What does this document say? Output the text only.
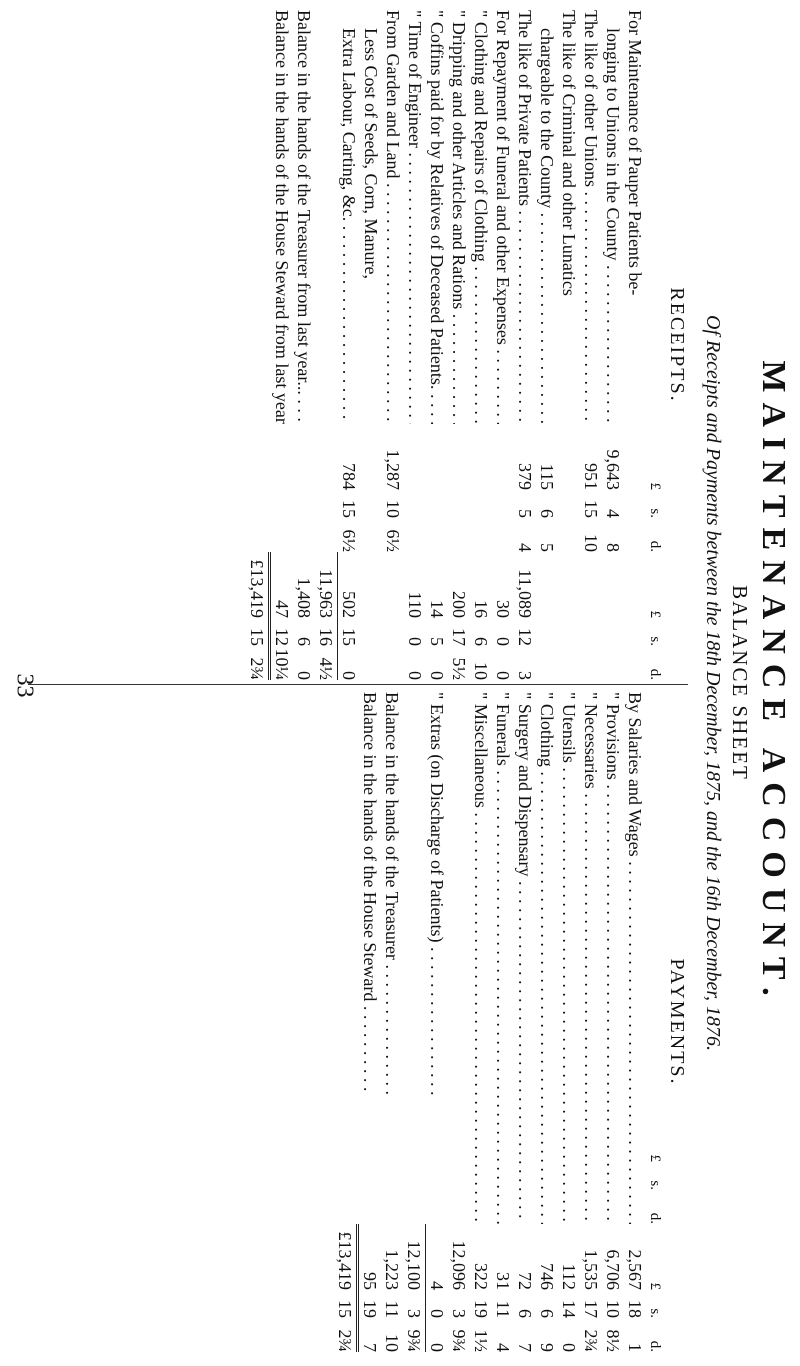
33	MAINTENANCE ACCOUNT.
BALANCE SHEET
Of Receipts and Payments between the 18th December, 1875, and the 16th December, 1876.
RECEIPTS.
£
s.
d.
£
s.
d.
For Maintenance of Pauper Patients be-
longing to Unions in the County . . .
9,643
4
8
The like of other Unions . . .
951
15
10
The like of Criminal and other Lunatics
chargeable to the County . . .
115
6
5
The like of Private Patients . . .
379
5
4
11,089
12
3
For Repayment of Funeral and other Expenses . . .
30
0
0
" Clothing and Repairs of Clothing . . .
16
6
10
" Dripping and other Articles and Rations . . .
200
17
5½
" Coffins paid for by Relatives of Deceased Patients. . . .
14
5
0
" Time of Engineer . . .
110
0
0
From Garden and Land . . .
1,287
10
6½
Less Cost of Seeds, Corn, Manure,
Extra Labour, Carting, &c. . . .
784
15
6½
502
15
0
11,963
16
4½
Balance in the hands of the Treasurer from last year... . . .
1,408
6
0
Balance in the hands of the House Steward from last year . . .
47
12
10¼
£13,419
15
2¾
PAYMENTS.
£
s.
d.
£
s.
d.
By Salaries and Wages . . .
2,567
18
1
" Provisions . . .
6,706
10
8½
" Necessaries . . .
1,535
17
2¾
" Utensils . . .
112
14
0
" Clothing . . .
746
6
9
" Surgery and Dispensary . . .
72
6
7
" Funerals . . .
31
11
4
" Miscellaneous . . .
322
19
1½
12,096
3
9¾
" Extras (on Discharge of Patients) . . .
4
0
0
12,100
3
9¾
Balance in the hands of the Treasurer . . .
1,223
11
10
Balance in the hands of the House Steward . . .
95
19
7
£13,419
15
2¾
